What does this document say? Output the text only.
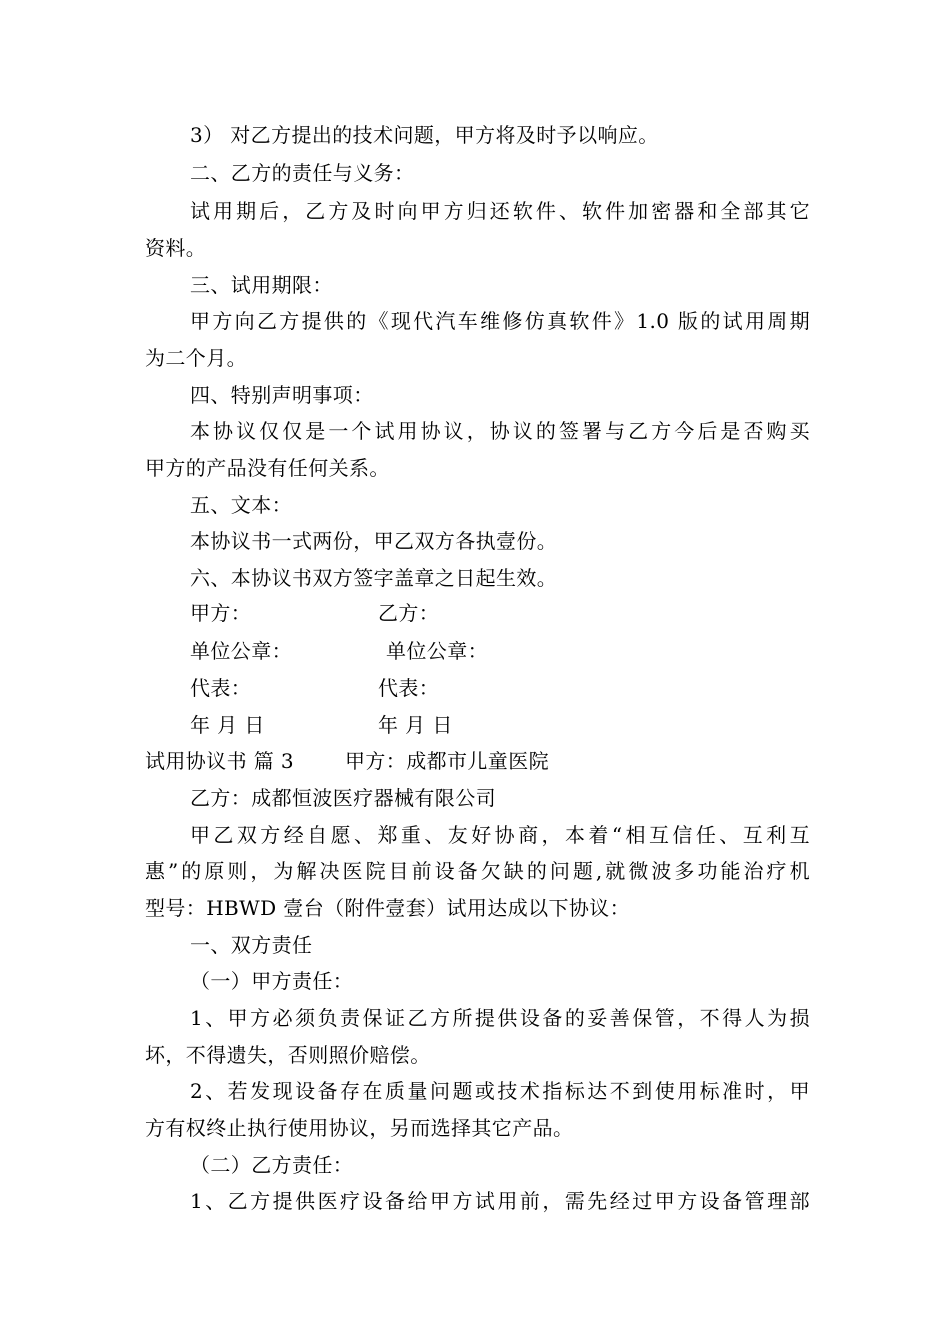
3） 对乙方提出的技术问题，甲方将及时予以响应。
二、乙方的责任与义务：
试用期后，乙方及时向甲方归还软件、软件加密器和全部其它
资料。
三、试用期限：
甲方向乙方提供的《现代汽车维修仿真软件》1.0 版的试用周期
为二个月。
四、特别声明事项：
本协议仅仅是一个试用协议，协议的签署与乙方今后是否购买
甲方的产品没有任何关系。
五、文本：
本协议书一式两份，甲乙双方各执壹份。
六、本协议书双方签字盖章之日起生效。
甲方：	乙方：
单位公章：	单位公章：
代表：	代表：
年 月 日	年 月 日
试用协议书 篇 3	甲方：成都市儿童医院
乙方：成都恒波医疗器械有限公司
甲乙双方经自愿、郑重、友好协商，本着“相互信任、互利互
惠”的原则，为解决医院目前设备欠缺的问题,就微波多功能治疗机
型号：HBWD 壹台（附件壹套）试用达成以下协议：
一、双方责任
（一）甲方责任：
1、甲方必须负责保证乙方所提供设备的妥善保管，不得人为损
坏，不得遗失，否则照价赔偿。
2、若发现设备存在质量问题或技术指标达不到使用标准时，甲
方有权终止执行使用协议，另而选择其它产品。
（二）乙方责任：
1、乙方提供医疗设备给甲方试用前，需先经过甲方设备管理部
